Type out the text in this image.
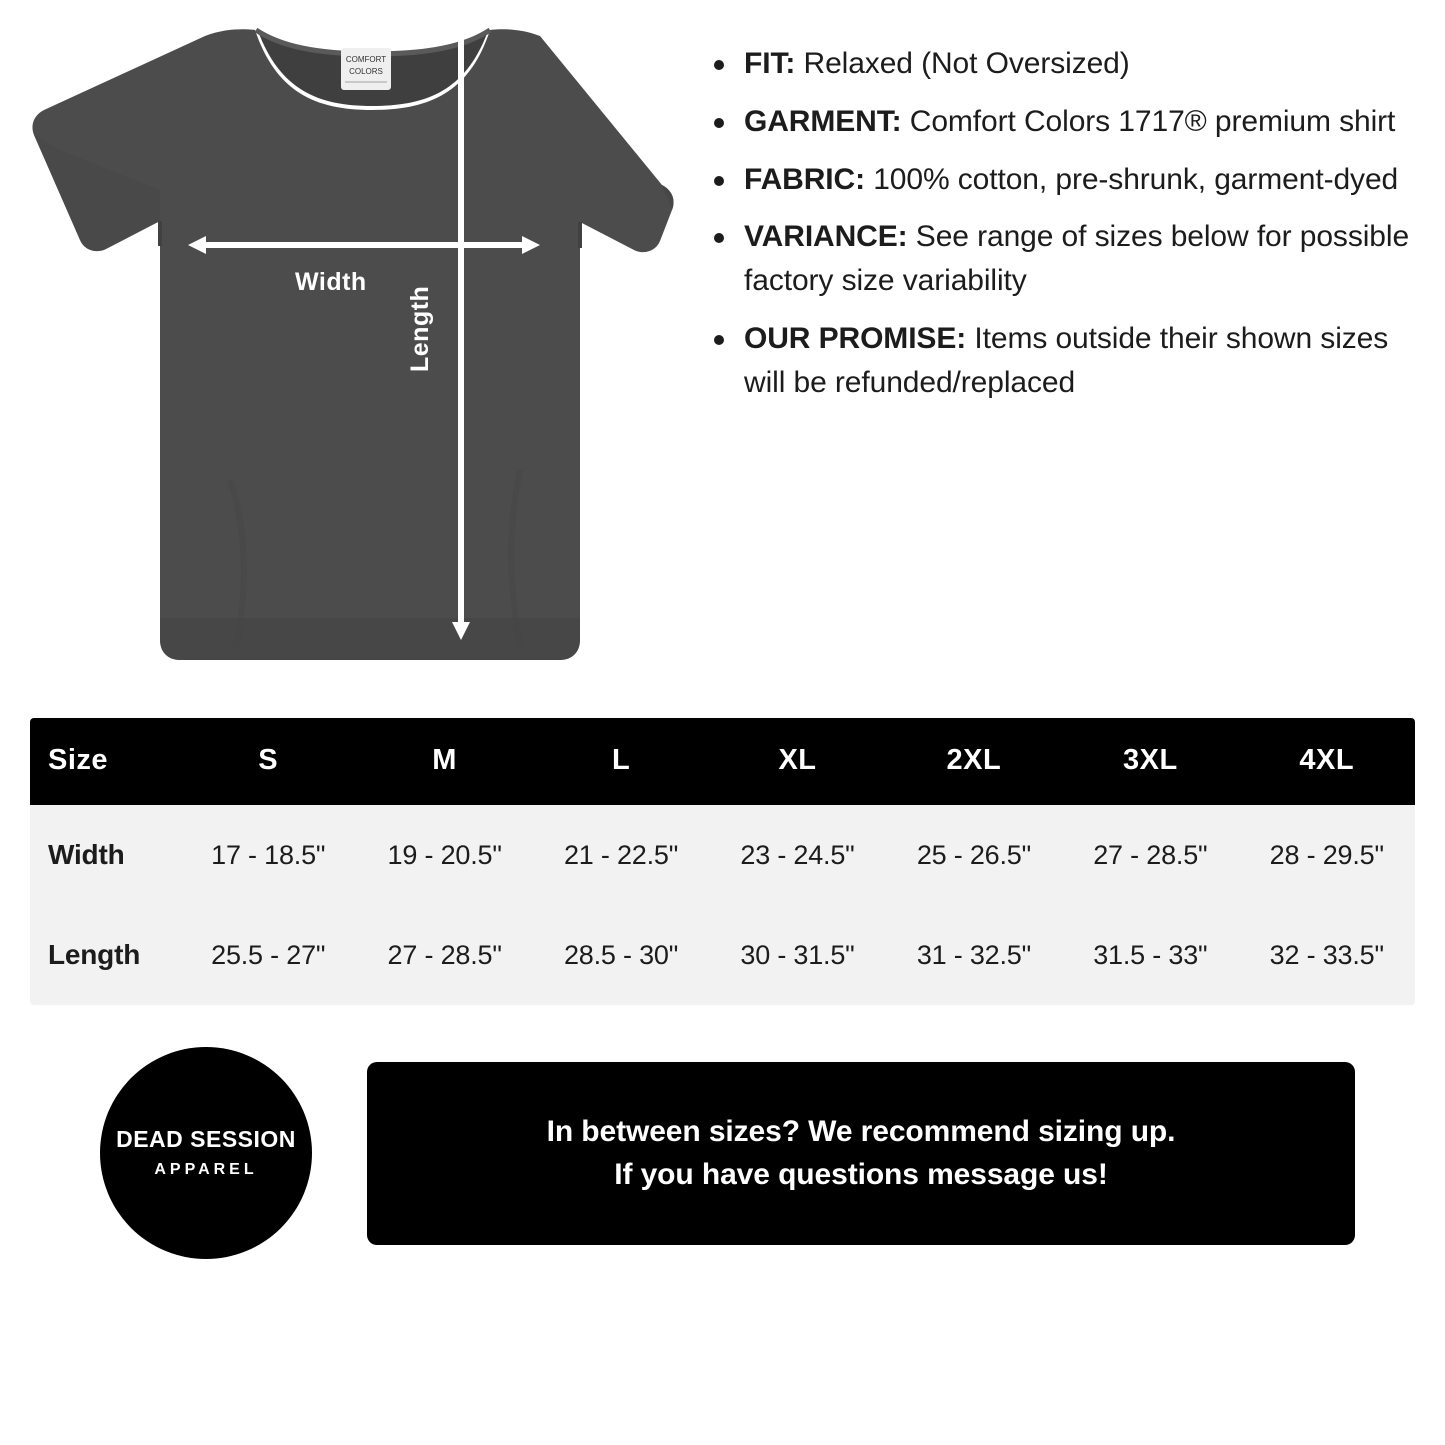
COMFORT
COLORS
Width
Length
FIT: Relaxed (Not Oversized)
GARMENT: Comfort Colors 1717® premium shirt
FABRIC: 100% cotton, pre-shrunk, garment-dyed
VARIANCE: See range of sizes below for possible factory size variability
OUR PROMISE: Items outside their shown sizes will be refunded/replaced
Size	S	M	L	XL	2XL	3XL	4XL
Width	17 - 18.5"	19 - 20.5"	21 - 22.5"	23 - 24.5"	25 - 26.5"	27 - 28.5"	28 - 29.5"
Length	25.5 - 27"	27 - 28.5"	28.5 - 30"	30 - 31.5"	31 - 32.5"	31.5 - 33"	32 - 33.5"
DEAD SESSION
APPAREL
In between sizes? We recommend sizing up.
If you have questions message us!
